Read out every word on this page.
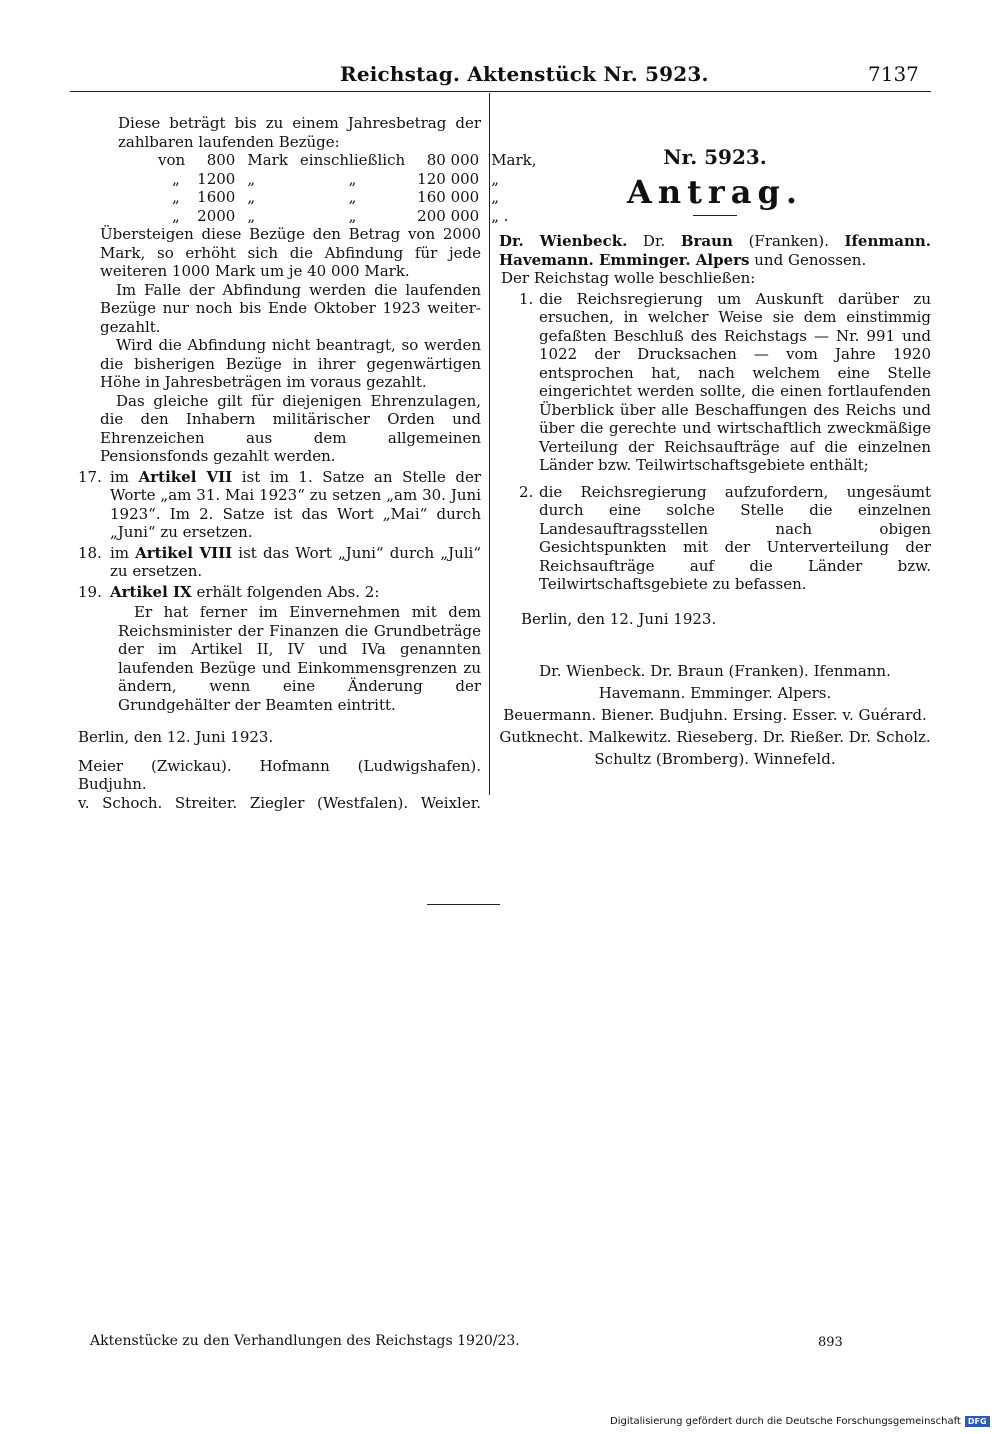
Reichstag. Aktenstück Nr. 5923.	7137

Diese beträgt bis zu einem Jahresbetrag der zahlbaren laufenden Bezüge:

von	800	Mark	einschließlich	80 000	Mark,
„	1200	„	„	120 000	„
„	1600	„	„	160 000	„
„	2000	„	„	200 000	„ .

Übersteigen diese Bezüge den Betrag von 2000 Mark, so erhöht sich die Abfindung für jede weiteren 1000 Mark um je 40 000 Mark.

Im Falle der Abfindung werden die laufenden Bezüge nur noch bis Ende Oktober 1923 weiter-gezahlt.

Wird die Abfindung nicht beantragt, so werden die bisherigen Bezüge in ihrer gegenwärtigen Höhe in Jahresbeträgen im voraus gezahlt.

Das gleiche gilt für diejenigen Ehrenzulagen, die den Inhabern militärischer Orden und Ehrenzeichen aus dem allgemeinen Pensionsfonds gezahlt werden.

17. im Artikel VII ist im 1. Satze an Stelle der Worte „am 31. Mai 1923“ zu setzen „am 30. Juni 1923“. Im 2. Satze ist das Wort „Mai“ durch „Juni“ zu ersetzen.
18. im Artikel VIII ist das Wort „Juni“ durch „Juli“ zu ersetzen.
19. Artikel IX erhält folgenden Abs. 2:

Er hat ferner im Einvernehmen mit dem Reichsminister der Finanzen die Grundbeträge der im Artikel II, IV und IVa genannten laufenden Bezüge und Einkommensgrenzen zu ändern, wenn eine Änderung der Grundgehälter der Beamten eintritt.

Berlin, den 12. Juni 1923.
Meier (Zwickau). Hofmann (Ludwigshafen). Budjuhn.
v. Schoch. Streiter. Ziegler (Westfalen). Weixler.
Nr. 5923.
Antrag.

Dr. Wienbeck. Dr. Braun (Franken). Ifenmann. Havemann. Emminger. Alpers und Genossen.

Der Reichstag wolle beschließen:

1. die Reichsregierung um Auskunft darüber zu ersuchen, in welcher Weise sie dem einstimmig gefaßten Beschluß des Reichstags — Nr. 991 und 1022 der Drucksachen — vom Jahre 1920 entsprochen hat, nach welchem eine Stelle eingerichtet werden sollte, die einen fortlaufenden Überblick über alle Beschaffungen des Reichs und über die gerechte und wirtschaftlich zweckmäßige Verteilung der Reichsaufträge auf die einzelnen Länder bzw. Teilwirtschaftsgebiete enthält;
2. die Reichsregierung aufzufordern, ungesäumt durch eine solche Stelle die einzelnen Landesauftragsstellen nach obigen Gesichtspunkten mit der Unterverteilung der Reichsaufträge auf die Länder bzw. Teilwirtschaftsgebiete zu befassen.
Berlin, den 12. Juni 1923.
Dr. Wienbeck. Dr. Braun (Franken). Ifenmann.
Havemann. Emminger. Alpers.
Beuermann. Biener. Budjuhn. Ersing. Esser. v. Guérard.
Gutknecht. Malkewitz. Rieseberg. Dr. Rießer. Dr. Scholz.
Schultz (Bromberg). Winnefeld.
Aktenstücke zu den Verhandlungen des Reichstags 1920/23.	893
Digitalisierung gefördert durch die Deutsche Forschungsgemeinschaft DFG
